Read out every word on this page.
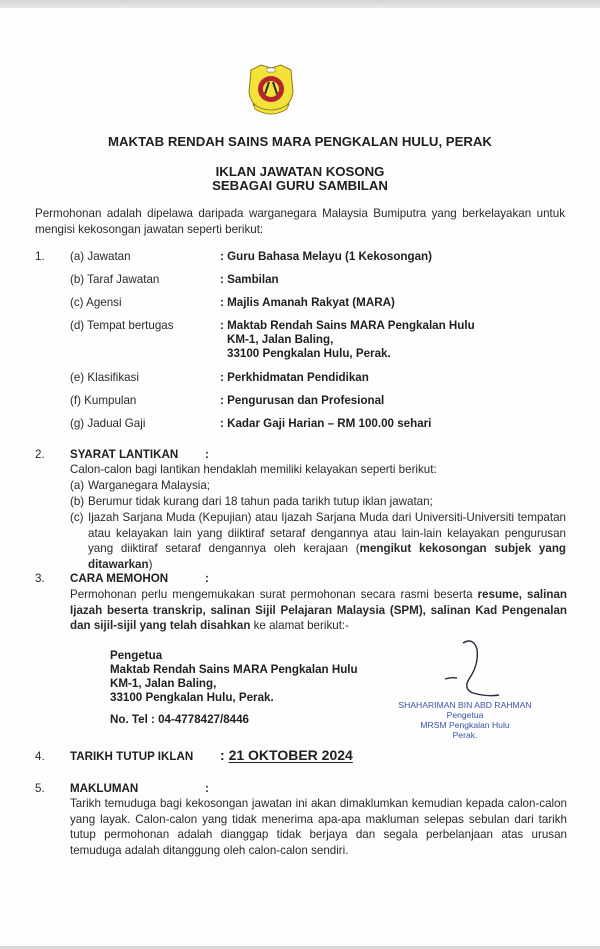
MAKTAB RENDAH SAINS MARA PENGKALAN HULU, PERAK
IKLAN JAWATAN KOSONG
SEBAGAI GURU SAMBILAN
Permohonan adalah dipelawa daripada warganegara Malaysia Bumiputra yang berkelayakan untuk mengisi kekosongan jawatan seperti berikut:
1. (a) Jawatan	: Guru Bahasa Melayu (1 Kekosongan)
(b) Taraf Jawatan	: Sambilan
(c) Agensi	: Majlis Amanah Rakyat (MARA)
(d) Tempat bertugas	: Maktab Rendah Sains MARA Pengkalan Hulu
KM-1, Jalan Baling,
33100 Pengkalan Hulu, Perak.
(e) Klasifikasi	: Perkhidmatan Pendidikan
(f) Kumpulan	: Pengurusan dan Profesional
(g) Jadual Gaji	: Kadar Gaji Harian – RM 100.00 sehari
2. SYARAT LANTIKAN :
Calon-calon bagi lantikan hendaklah memiliki kelayakan seperti berikut:
(a) Warganegara Malaysia;
(b) Berumur tidak kurang dari 18 tahun pada tarikh tutup iklan jawatan;
(c) Ijazah Sarjana Muda (Kepujian) atau Ijazah Sarjana Muda dari Universiti-Universiti tempatan atau kelayakan lain yang diiktiraf setaraf dengannya atau lain-lain kelayakan pengurusan yang diiktiraf setaraf dengannya oleh kerajaan (mengikut kekosongan subjek yang ditawarkan)
3. CARA MEMOHON	:
Permohonan perlu mengemukakan surat permohonan secara rasmi beserta resume, salinan Ijazah beserta transkrip, salinan Sijil Pelajaran Malaysia (SPM), salinan Kad Pengenalan dan sijil-sijil yang telah disahkan ke alamat berikut:-
Pengetua
Maktab Rendah Sains MARA Pengkalan Hulu
KM-1, Jalan Baling,
33100 Pengkalan Hulu, Perak.
No. Tel : 04-4778427/8446
SHAHARIMAN BIN ABD RAHMAN
Pengetua
MRSM Pengkalan Hulu
Perak.
4. TARIKH TUTUP IKLAN : 21 OKTOBER 2024
5. MAKLUMAN	:
Tarikh temuduga bagi kekosongan jawatan ini akan dimaklumkan kemudian kepada calon-calon yang layak. Calon-calon yang tidak menerima apa-apa makluman selepas sebulan dari tarikh tutup permohonan adalah dianggap tidak berjaya dan segala perbelanjaan atas urusan temuduga adalah ditanggung oleh calon-calon sendiri.
